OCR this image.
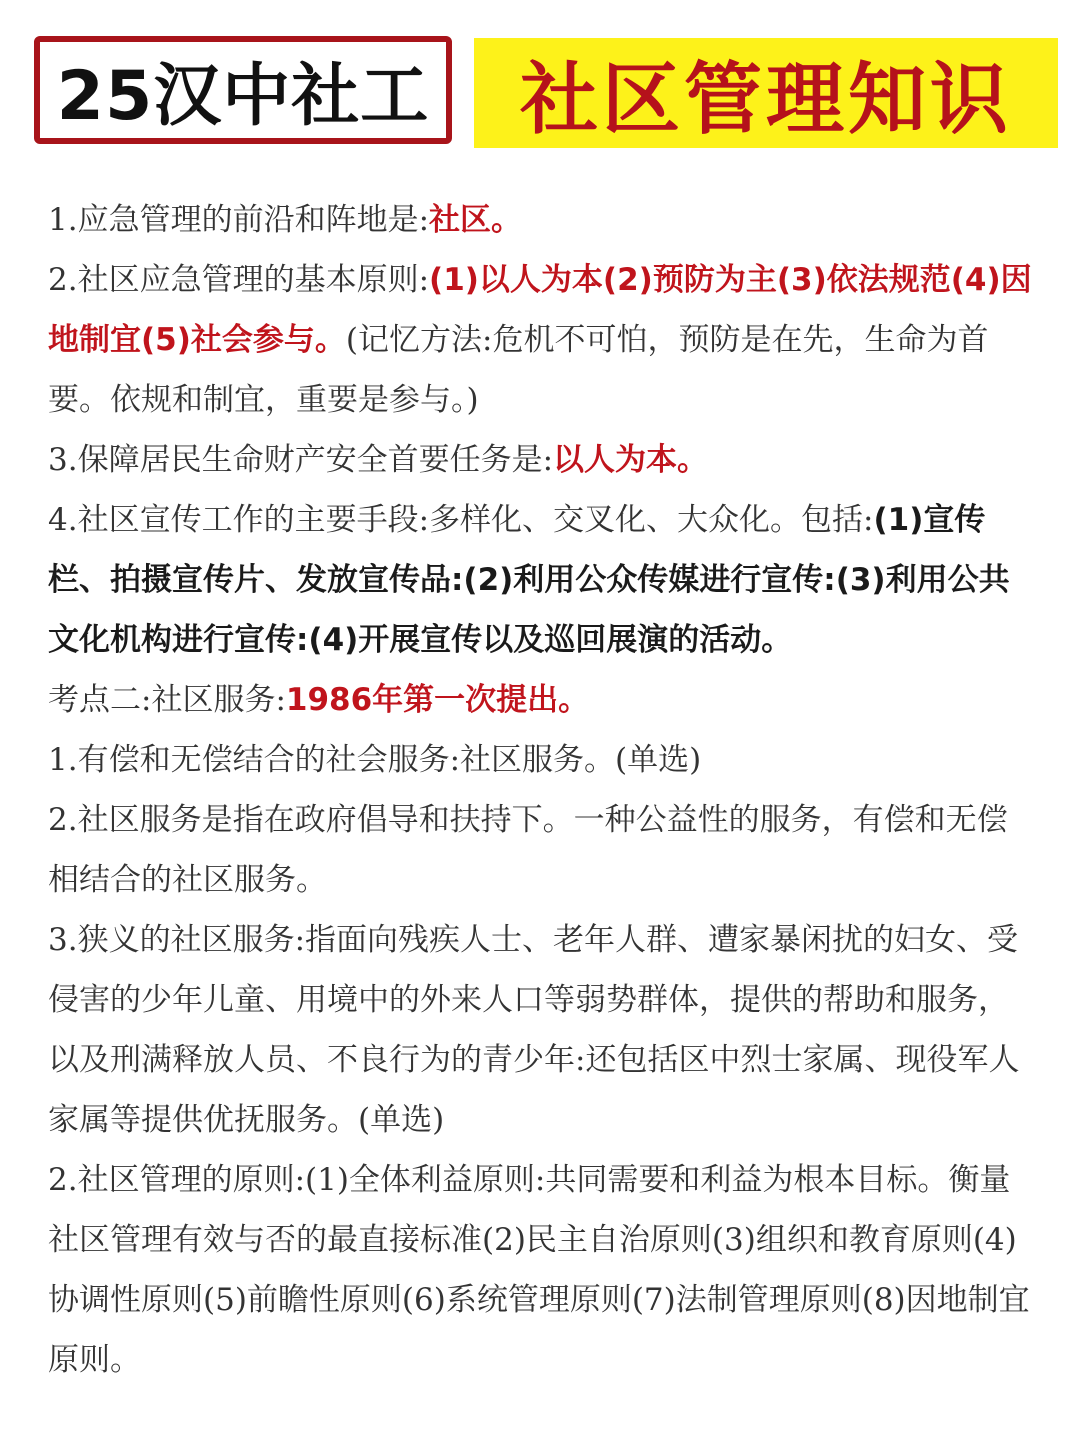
25汉中社工 社区管理知识

1.应急管理的前沿和阵地是:社区。

2.社区应急管理的基本原则:(1)以人为本(2)预防为主(3)依法规范(4)因地制宜(5)社会参与。(记忆方法:危机不可怕，预防是在先，生命为首要。依规和制宜，重要是参与。)

3.保障居民生命财产安全首要任务是:以人为本。

4.社区宣传工作的主要手段:多样化、交叉化、大众化。包括:(1)宣传栏、拍摄宣传片、发放宣传品:(2)利用公众传媒进行宣传:(3)利用公共文化机构进行宣传:(4)开展宣传以及巡回展演的活动。

考点二:社区服务:1986年第一次提出。

1.有偿和无偿结合的社会服务:社区服务。(单选)

2.社区服务是指在政府倡导和扶持下。一种公益性的服务，有偿和无偿相结合的社区服务。

3.狭义的社区服务:指面向残疾人士、老年人群、遭家暴闲扰的妇女、受侵害的少年儿童、用境中的外来人口等弱势群体，提供的帮助和服务，以及刑满释放人员、不良行为的青少年:还包括区中烈士家属、现役军人家属等提供优抚服务。(单选)

2.社区管理的原则:(1)全体利益原则:共同需要和利益为根本目标。衡量社区管理有效与否的最直接标准(2)民主自治原则(3)组织和教育原则(4)协调性原则(5)前瞻性原则(6)系统管理原则(7)法制管理原则(8)因地制宜原则。
